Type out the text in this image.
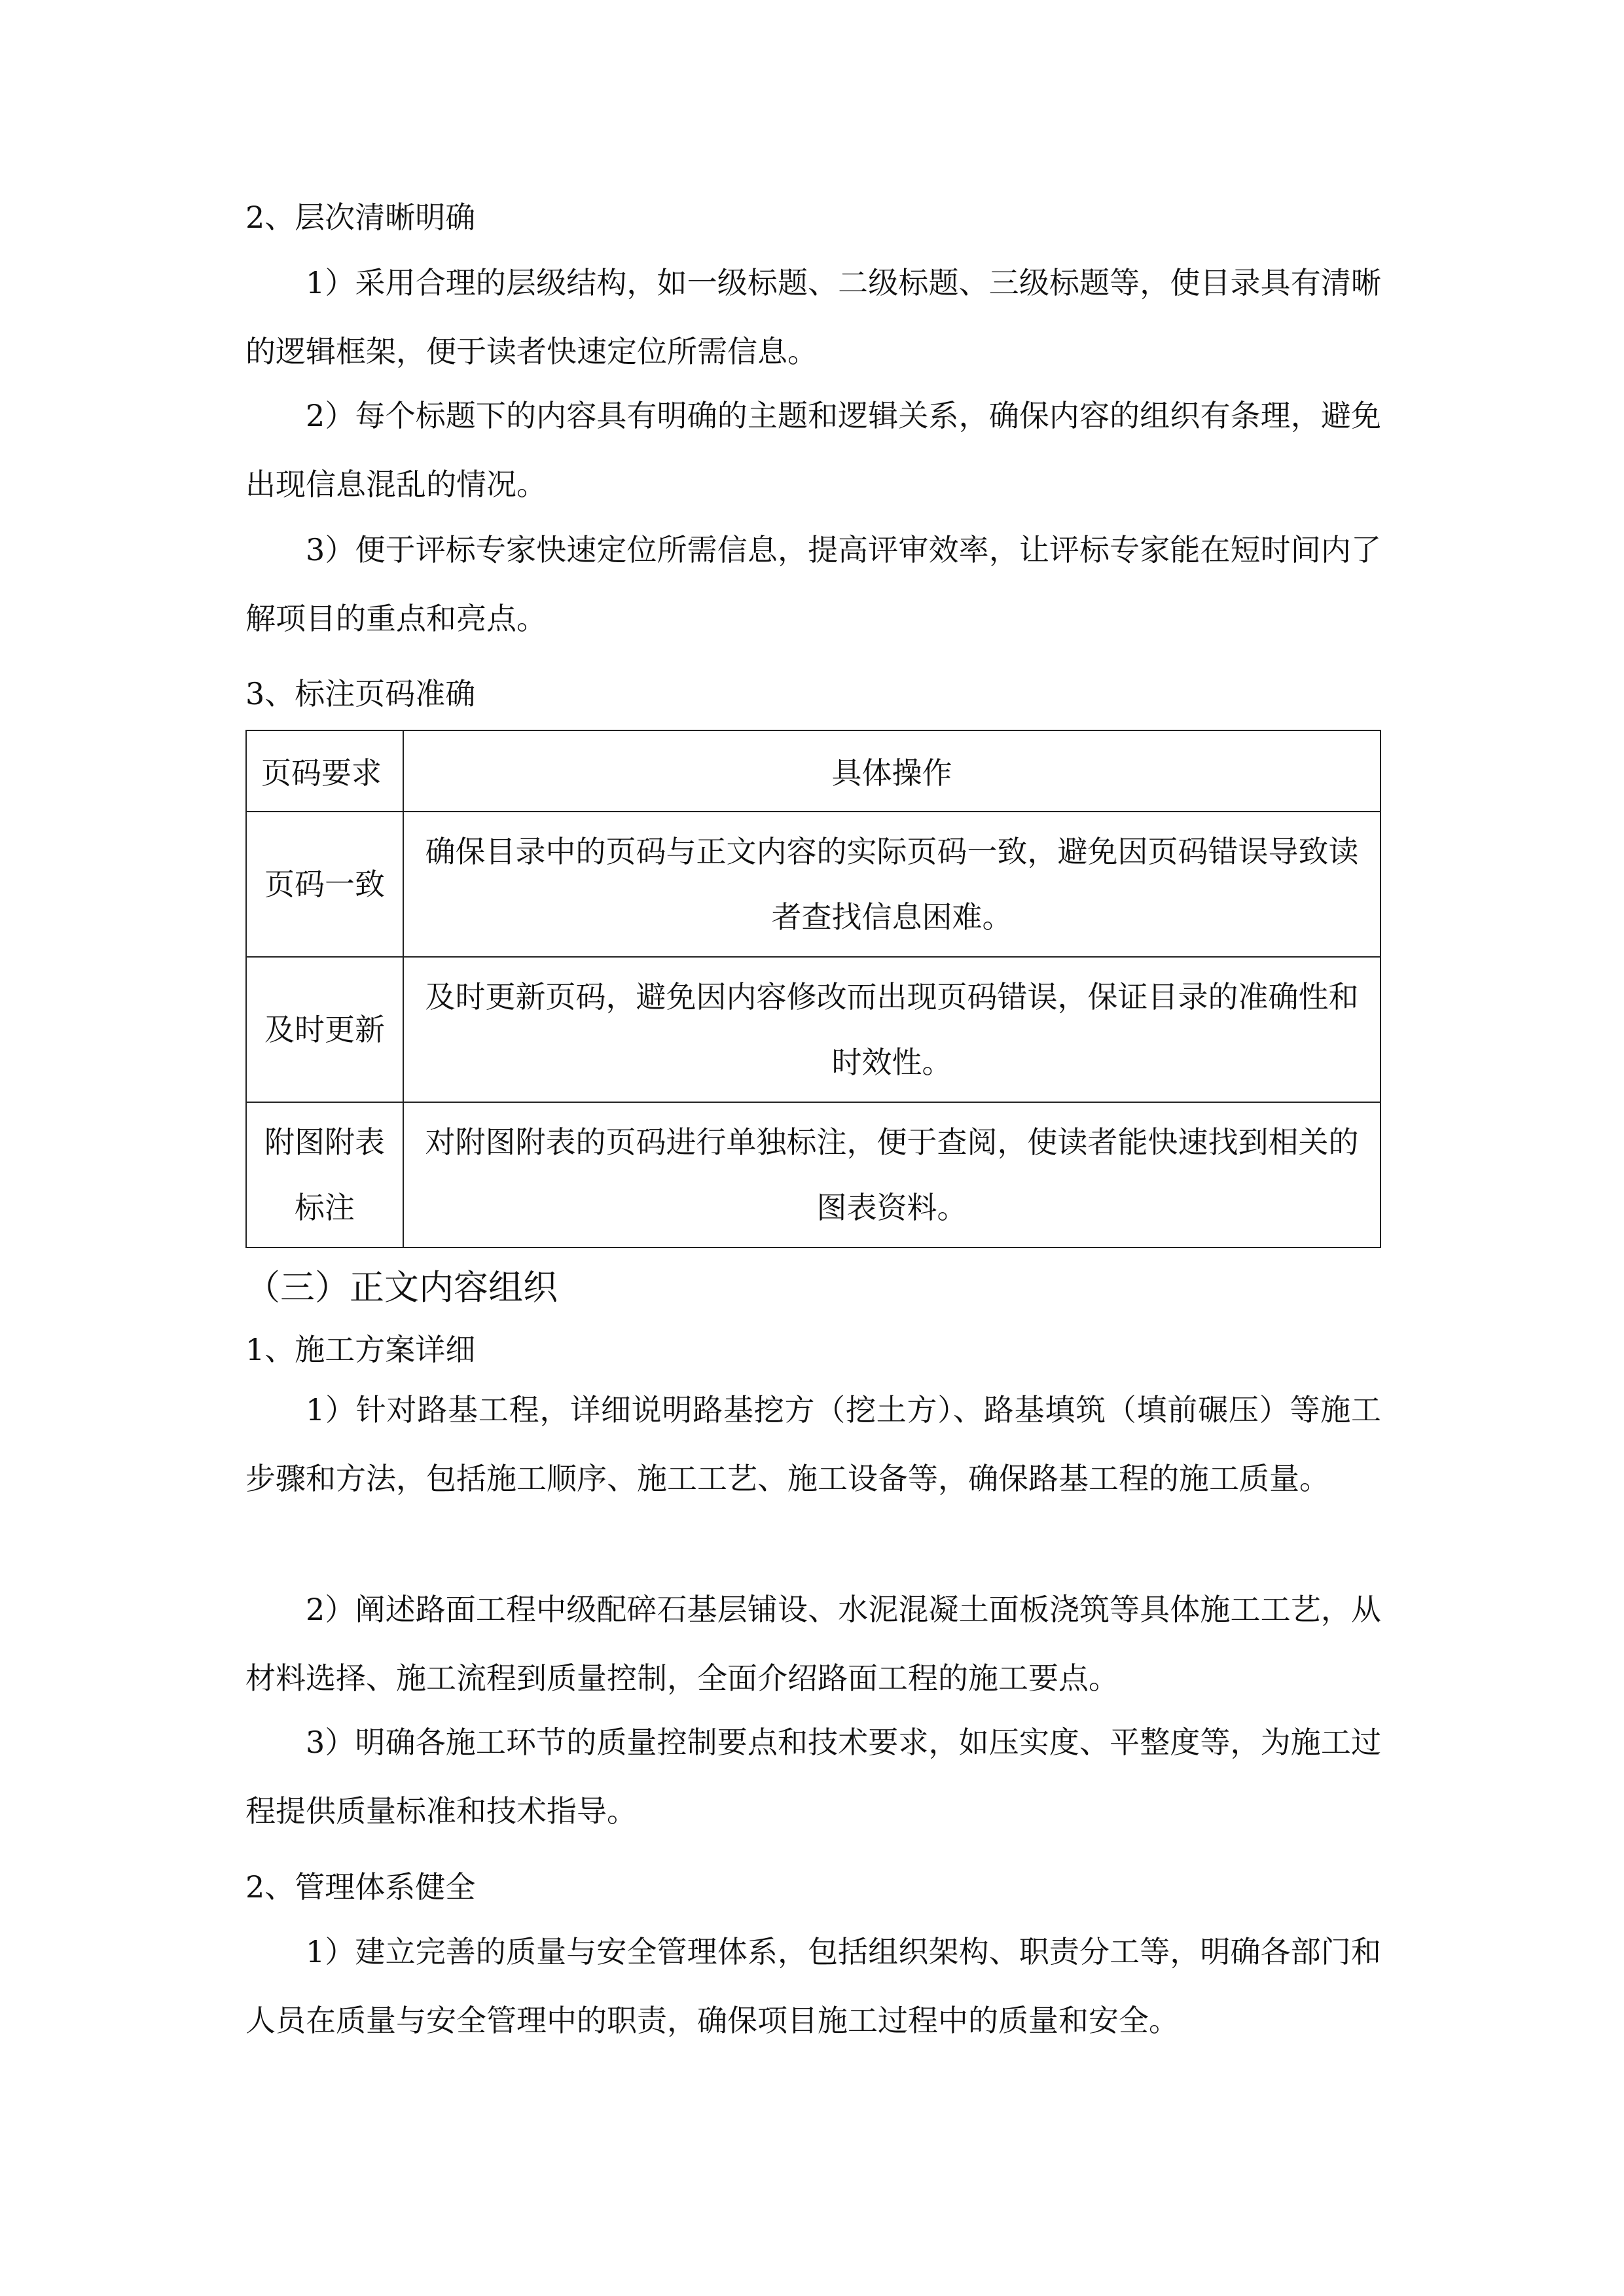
2、层次清晰明确

1）采用合理的层级结构，如一级标题、二级标题、三级标题等，使目录具有清晰的逻辑框架，便于读者快速定位所需信息。

2）每个标题下的内容具有明确的主题和逻辑关系，确保内容的组织有条理，避免出现信息混乱的情况。

3）便于评标专家快速定位所需信息，提高评审效率，让评标专家能在短时间内了解项目的重点和亮点。

3、标注页码准确
页码要求	具体操作
页码一致	确保目录中的页码与正文内容的实际页码一致，避免因页码错误导致读者查找信息困难。
及时更新	及时更新页码，避免因内容修改而出现页码错误，保证目录的准确性和时效性。
附图附表标注	对附图附表的页码进行单独标注，便于查阅，使读者能快速找到相关的图表资料。
（三）正文内容组织
1、施工方案详细

1）针对路基工程，详细说明路基挖方（挖土方）、路基填筑（填前碾压）等施工步骤和方法，包括施工顺序、施工工艺、施工设备等，确保路基工程的施工质量。

2）阐述路面工程中级配碎石基层铺设、水泥混凝土面板浇筑等具体施工工艺，从材料选择、施工流程到质量控制，全面介绍路面工程的施工要点。

3）明确各施工环节的质量控制要点和技术要求，如压实度、平整度等，为施工过程提供质量标准和技术指导。

2、管理体系健全

1）建立完善的质量与安全管理体系，包括组织架构、职责分工等，明确各部门和人员在质量与安全管理中的职责，确保项目施工过程中的质量和安全。
